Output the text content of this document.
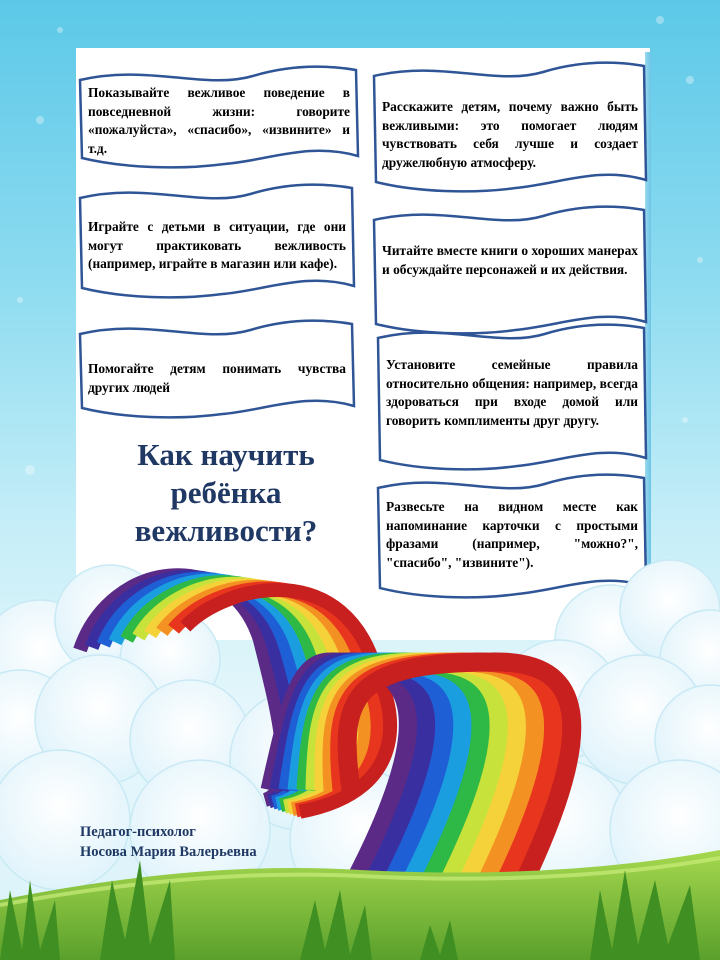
Показывайте вежливое поведение в повседневной жизни: говорите «пожалуйста», «спасибо», «извините» и т.д.
Играйте с детьми в ситуации, где они могут практиковать вежливость (например, играйте в магазин или кафе).
Помогайте детям понимать чувства других людей
Расскажите детям, почему важно быть вежливыми: это помогает людям чувствовать себя лучше и создает дружелюбную атмосферу.
Читайте вместе книги о хороших манерах и обсуждайте персонажей и их действия.
Установите семейные правила относительно общения: например, всегда здороваться при входе домой или говорить комплименты друг другу.
Развесьте на видном месте как напоминание карточки с простыми фразами (например, "можно?", "спасибо", "извините").
Как научить ребёнка вежливости?
Педагог-психолог
Носова Мария Валерьевна
